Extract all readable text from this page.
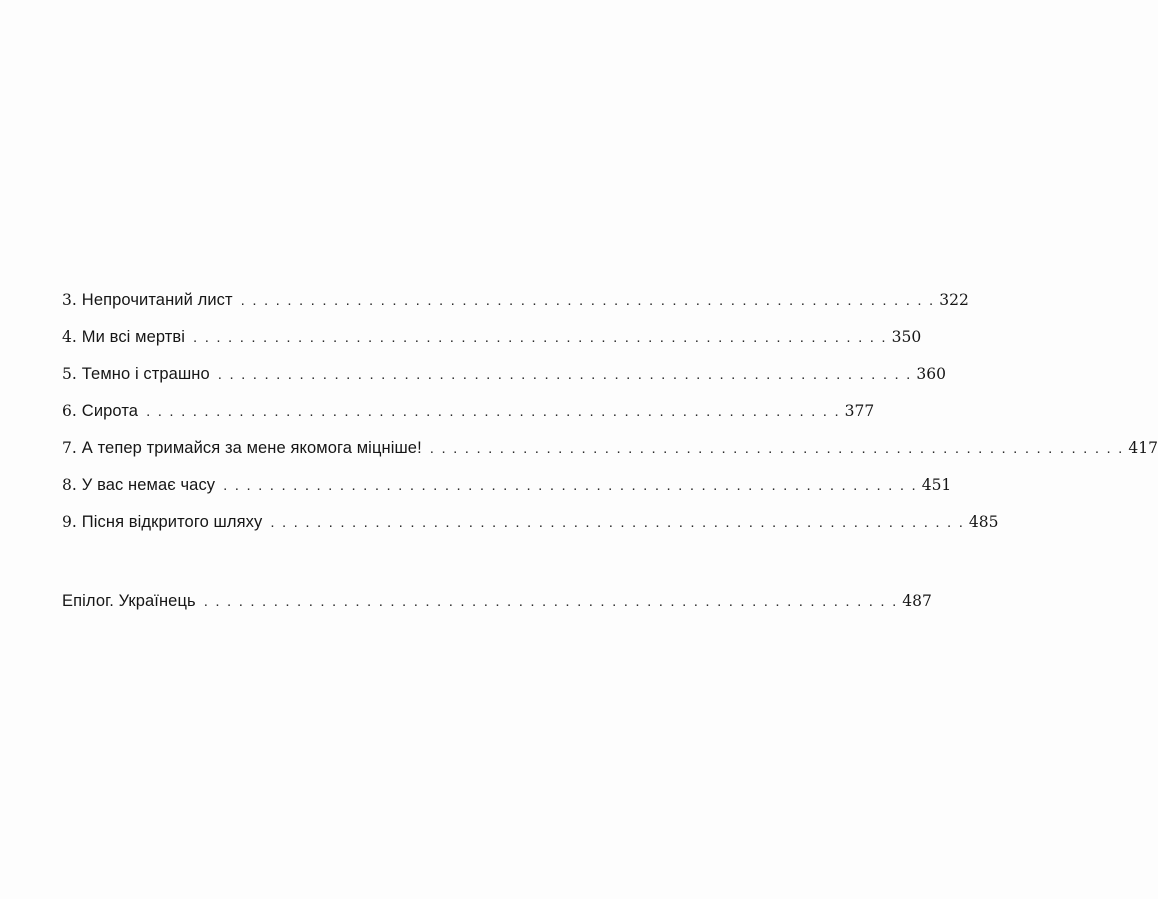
3. Непрочитаний лист . . . . . . . . . . . . . . . . . . . . . . . . . . . . . . . . . . . . . . . . . . . . . . . . . . . . . . . . . . . . 322
4. Ми всі мертві . . . . . . . . . . . . . . . . . . . . . . . . . . . . . . . . . . . . . . . . . . . . . . . . . . . . . . . . . . . . 350
5. Темно і страшно . . . . . . . . . . . . . . . . . . . . . . . . . . . . . . . . . . . . . . . . . . . . . . . . . . . . . . . . . . . . 360
6. Сирота . . . . . . . . . . . . . . . . . . . . . . . . . . . . . . . . . . . . . . . . . . . . . . . . . . . . . . . . . . . . 377
7. А тепер тримайся за мене якомога міцніше! . . . . . . . . . . . . . . . . . . . . . . . . . . . . . . . . . . . . . . . . . . . . . . . . . . . . . . . . . . . . 417
8. У вас немає часу . . . . . . . . . . . . . . . . . . . . . . . . . . . . . . . . . . . . . . . . . . . . . . . . . . . . . . . . . . . . 451
9. Пісня відкритого шляху . . . . . . . . . . . . . . . . . . . . . . . . . . . . . . . . . . . . . . . . . . . . . . . . . . . . . . . . . . . . 485
Епілог. Українець . . . . . . . . . . . . . . . . . . . . . . . . . . . . . . . . . . . . . . . . . . . . . . . . . . . . . . . . . . . . 487
